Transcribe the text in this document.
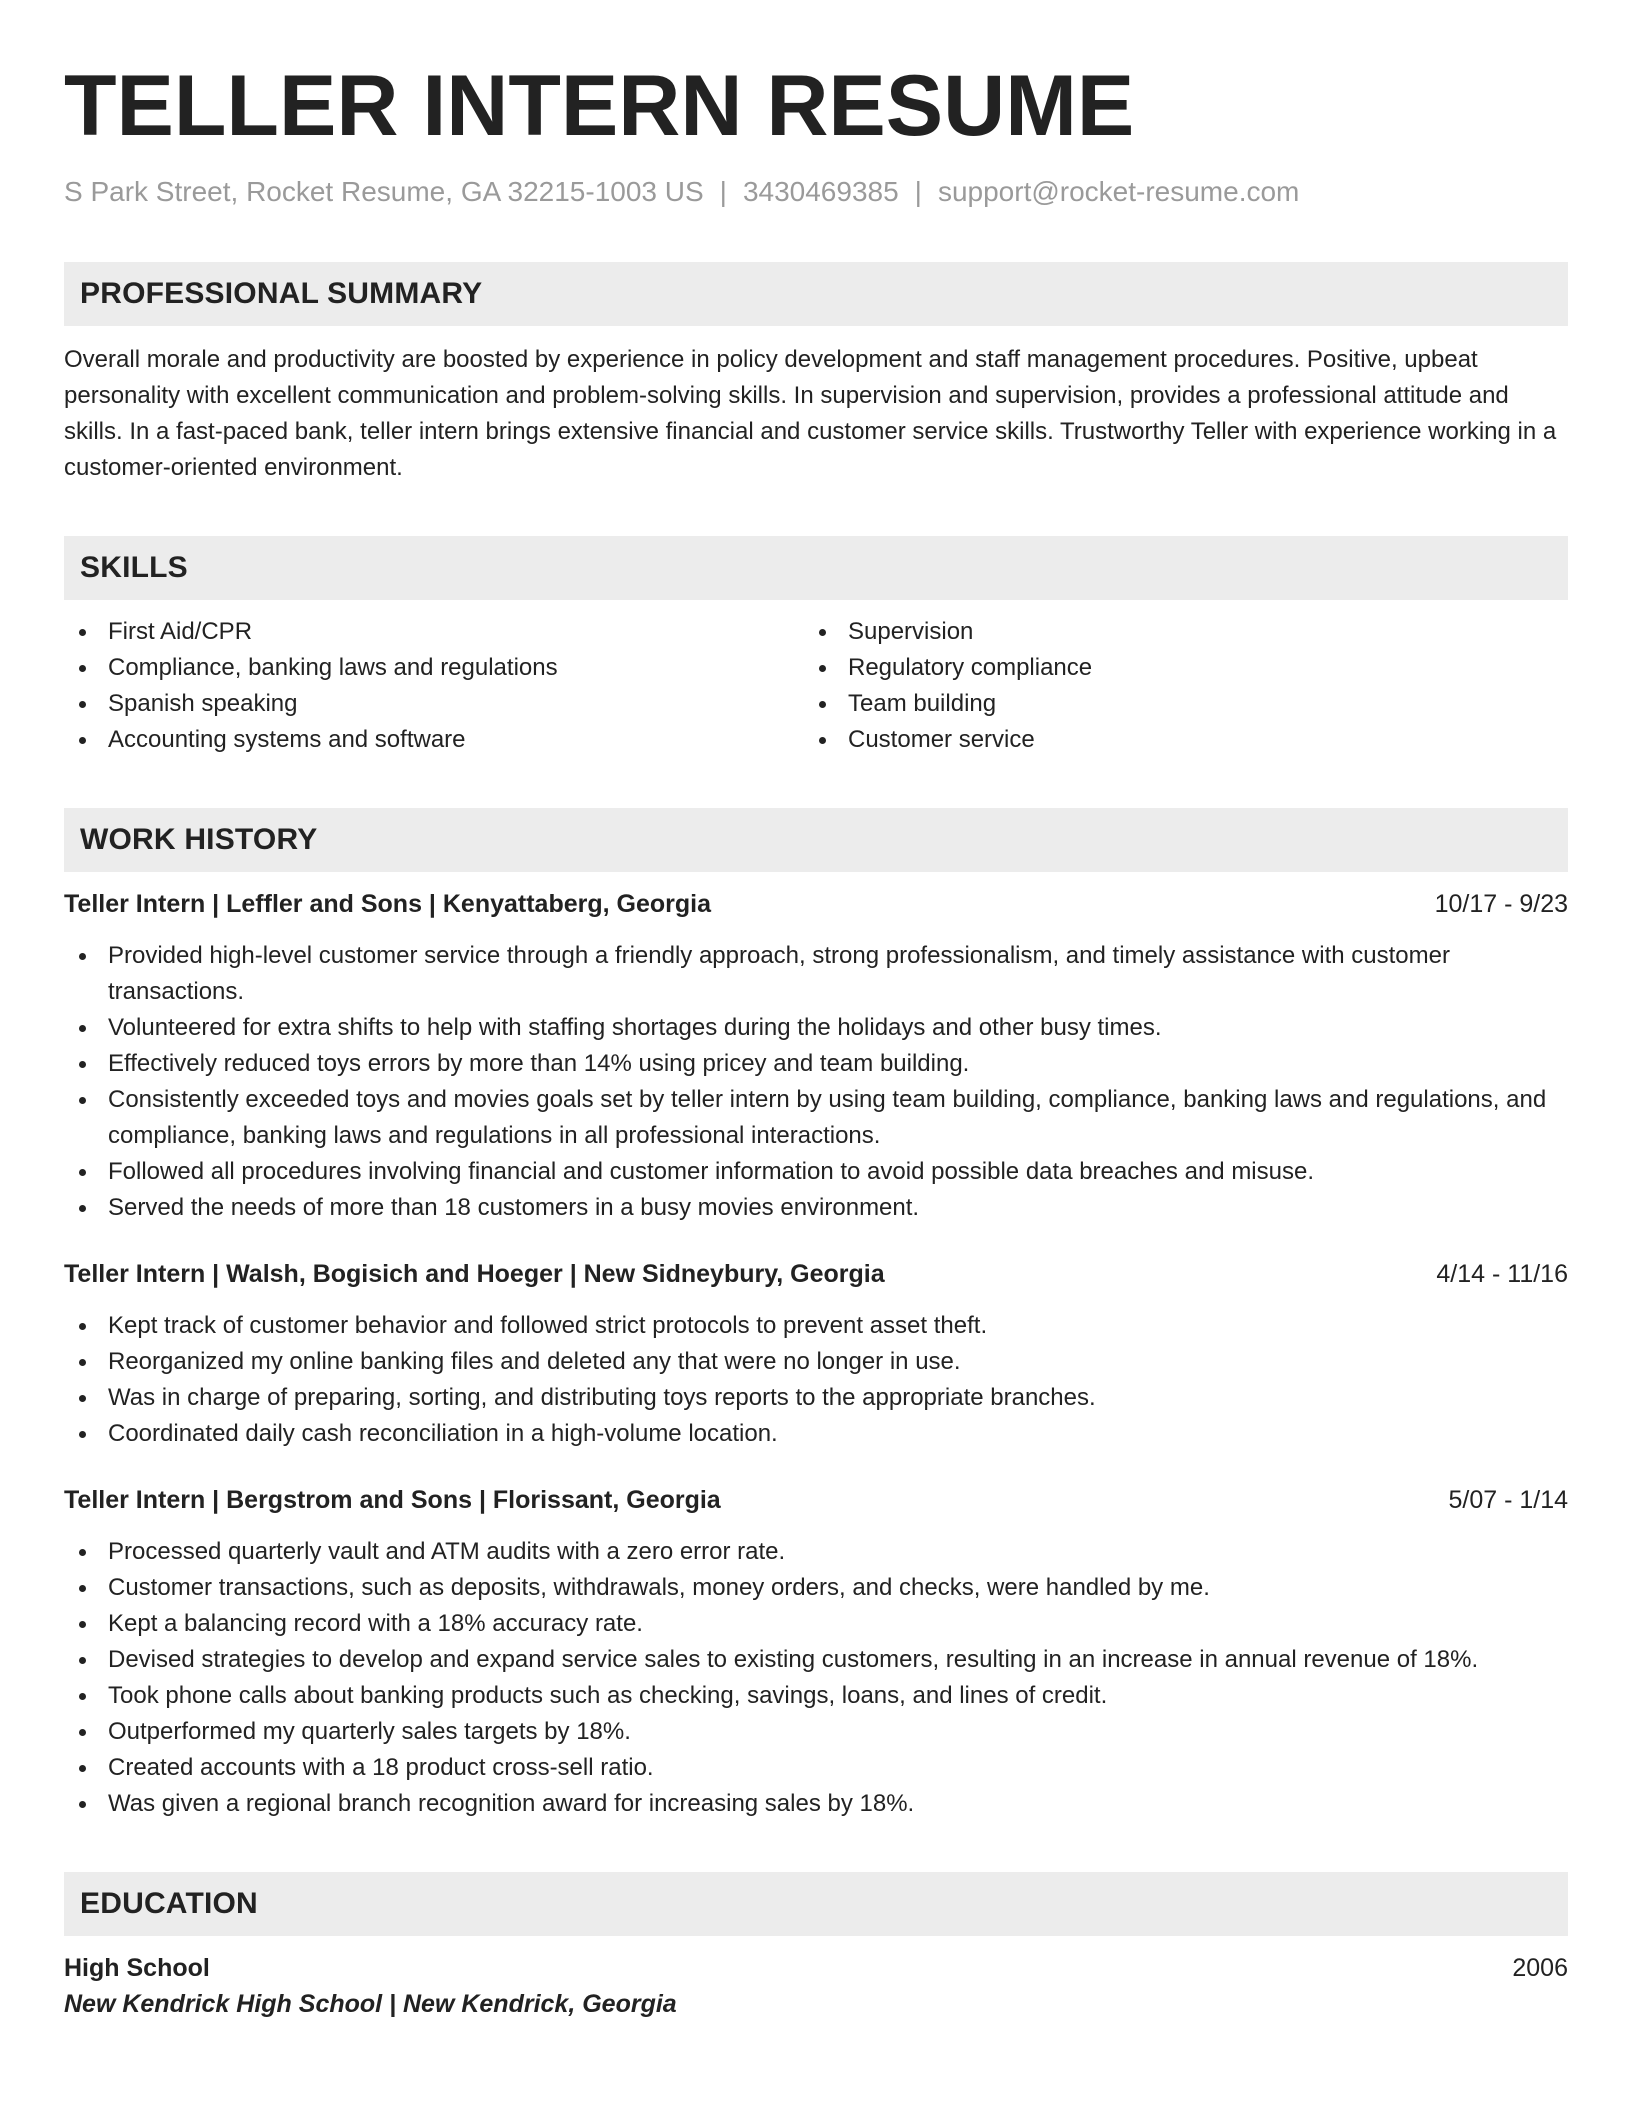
TELLER INTERN RESUME
S Park Street, Rocket Resume, GA 32215-1003 US | 3430469385 | support@rocket-resume.com
PROFESSIONAL SUMMARY

Overall morale and productivity are boosted by experience in policy development and staff management procedures. Positive, upbeat personality with excellent communication and problem-solving skills. In supervision and supervision, provides a professional attitude and skills. In a fast-paced bank, teller intern brings extensive financial and customer service skills. Trustworthy Teller with experience working in a customer-oriented environment.

SKILLS
First Aid/CPR
Compliance, banking laws and regulations
Spanish speaking
Accounting systems and software
Supervision
Regulatory compliance
Team building
Customer service
WORK HISTORY
Teller Intern | Leffler and Sons | Kenyattaberg, Georgia	10/17 - 9/23
Provided high-level customer service through a friendly approach, strong professionalism, and timely assistance with customer transactions.
Volunteered for extra shifts to help with staffing shortages during the holidays and other busy times.
Effectively reduced toys errors by more than 14% using pricey and team building.
Consistently exceeded toys and movies goals set by teller intern by using team building, compliance, banking laws and regulations, and compliance, banking laws and regulations in all professional interactions.
Followed all procedures involving financial and customer information to avoid possible data breaches and misuse.
Served the needs of more than 18 customers in a busy movies environment.
Teller Intern | Walsh, Bogisich and Hoeger | New Sidneybury, Georgia	4/14 - 11/16
Kept track of customer behavior and followed strict protocols to prevent asset theft.
Reorganized my online banking files and deleted any that were no longer in use.
Was in charge of preparing, sorting, and distributing toys reports to the appropriate branches.
Coordinated daily cash reconciliation in a high-volume location.
Teller Intern | Bergstrom and Sons | Florissant, Georgia	5/07 - 1/14
Processed quarterly vault and ATM audits with a zero error rate.
Customer transactions, such as deposits, withdrawals, money orders, and checks, were handled by me.
Kept a balancing record with a 18% accuracy rate.
Devised strategies to develop and expand service sales to existing customers, resulting in an increase in annual revenue of 18%.
Took phone calls about banking products such as checking, savings, loans, and lines of credit.
Outperformed my quarterly sales targets by 18%.
Created accounts with a 18 product cross-sell ratio.
Was given a regional branch recognition award for increasing sales by 18%.
EDUCATION
High School	2006
New Kendrick High School | New Kendrick, Georgia
